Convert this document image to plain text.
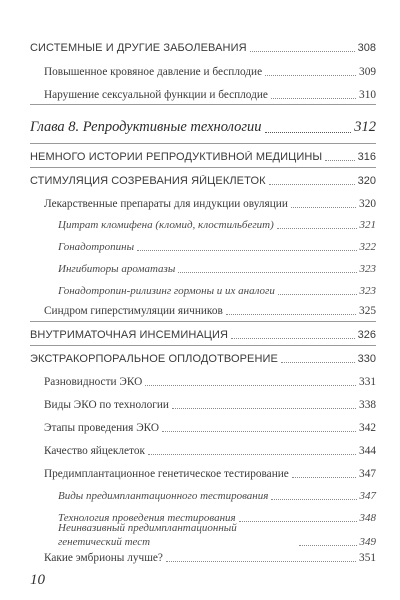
СИСТЕМНЫЕ И ДРУГИЕ ЗАБОЛЕВАНИЯ	308
Повышенное кровяное давление и бесплодие	309
Нарушение сексуальной функции и бесплодие	310
Глава 8. Репродуктивные технологии	312
НЕМНОГО ИСТОРИИ РЕПРОДУКТИВНОЙ МЕДИЦИНЫ	316
СТИМУЛЯЦИЯ СОЗРЕВАНИЯ ЯЙЦЕКЛЕТОК	320
Лекарственные препараты для индукции овуляции	320
Цитрат кломифена (кломид, клостильбегит)	321
Гонадотропины	322
Ингибиторы ароматазы	323
Гонадотропин-рилизинг гормоны и их аналоги	323
Синдром гиперстимуляции яичников	325
ВНУТРИМАТОЧНАЯ ИНСЕМИНАЦИЯ	326
ЭКСТРАКОРПОРАЛЬНОЕ ОПЛОДОТВОРЕНИЕ	330
Разновидности ЭКО	331
Виды ЭКО по технологии	338
Этапы проведения ЭКО	342
Качество яйцеклеток	344
Предимплантационное генетическое тестирование	347
Виды предимплантационного тестирования	347
Технология проведения тестирования	348
Неинвазивный предимплантационный генетический тест	349
Какие эмбрионы лучше?	351
10
